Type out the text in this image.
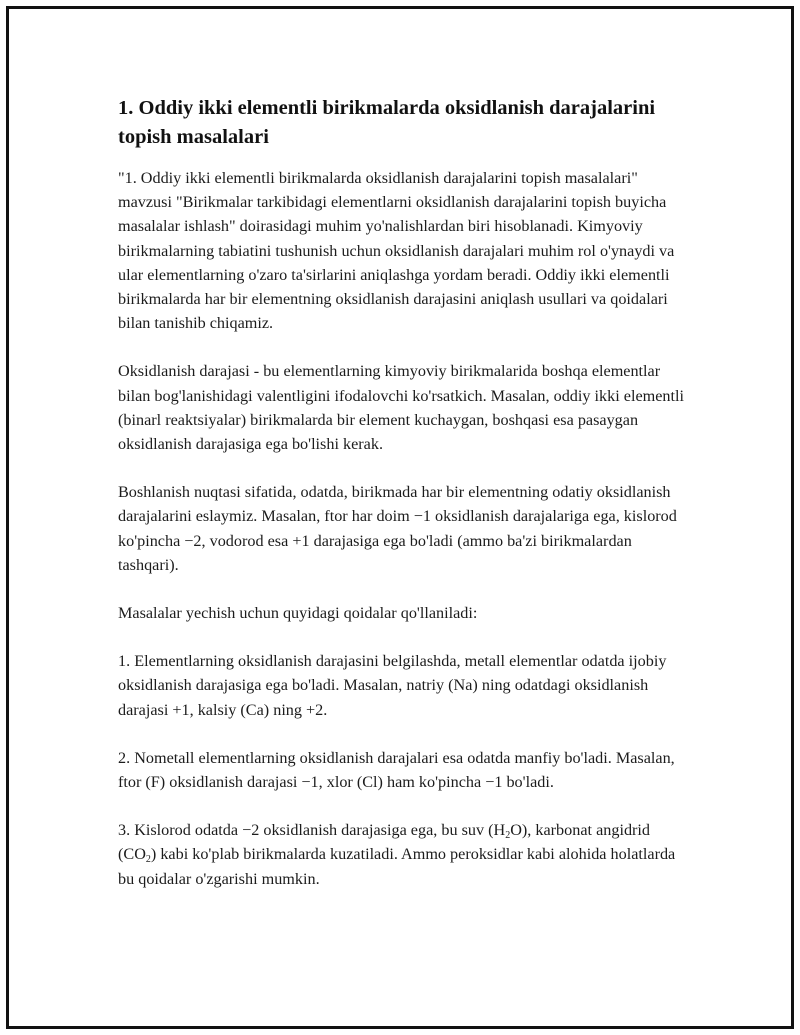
1. Oddiy ikki elementli birikmalarda oksidlanish darajalarini topish masalalari

"1. Oddiy ikki elementli birikmalarda oksidlanish darajalarini topish masalalari" mavzusi "Birikmalar tarkibidagi elementlarni oksidlanish darajalarini topish buyicha masalalar ishlash" doirasidagi muhim yo'nalishlardan biri hisoblanadi. Kimyoviy birikmalarning tabiatini tushunish uchun oksidlanish darajalari muhim rol o'ynaydi va ular elementlarning o'zaro ta'sirlarini aniqlashga yordam beradi. Oddiy ikki elementli birikmalarda har bir elementning oksidlanish darajasini aniqlash usullari va qoidalari bilan tanishib chiqamiz.

Oksidlanish darajasi - bu elementlarning kimyoviy birikmalarida boshqa elementlar bilan bog'lanishidagi valentligini ifodalovchi ko'rsatkich. Masalan, oddiy ikki elementli (binarl reaktsiyalar) birikmalarda bir element kuchaygan, boshqasi esa pasaygan oksidlanish darajasiga ega bo'lishi kerak.

Boshlanish nuqtasi sifatida, odatda, birikmada har bir elementning odatiy oksidlanish darajalarini eslaymiz. Masalan, ftor har doim −1 oksidlanish darajalariga ega, kislorod ko'pincha −2, vodorod esa +1 darajasiga ega bo'ladi (ammo ba'zi birikmalardan tashqari).

Masalalar yechish uchun quyidagi qoidalar qo'llaniladi:

1. Elementlarning oksidlanish darajasini belgilashda, metall elementlar odatda ijobiy oksidlanish darajasiga ega bo'ladi. Masalan, natriy (Na) ning odatdagi oksidlanish darajasi +1, kalsiy (Ca) ning +2.

2. Nometall elementlarning oksidlanish darajalari esa odatda manfiy bo'ladi. Masalan, ftor (F) oksidlanish darajasi −1, xlor (Cl) ham ko'pincha −1 bo'ladi.

3. Kislorod odatda −2 oksidlanish darajasiga ega, bu suv $(H_2O)$, karbonat angidrid $(CO_2)$ kabi ko'plab birikmalarda kuzatiladi. Ammo peroksidlar kabi alohida holatlarda bu qoidalar o'zgarishi mumkin.
